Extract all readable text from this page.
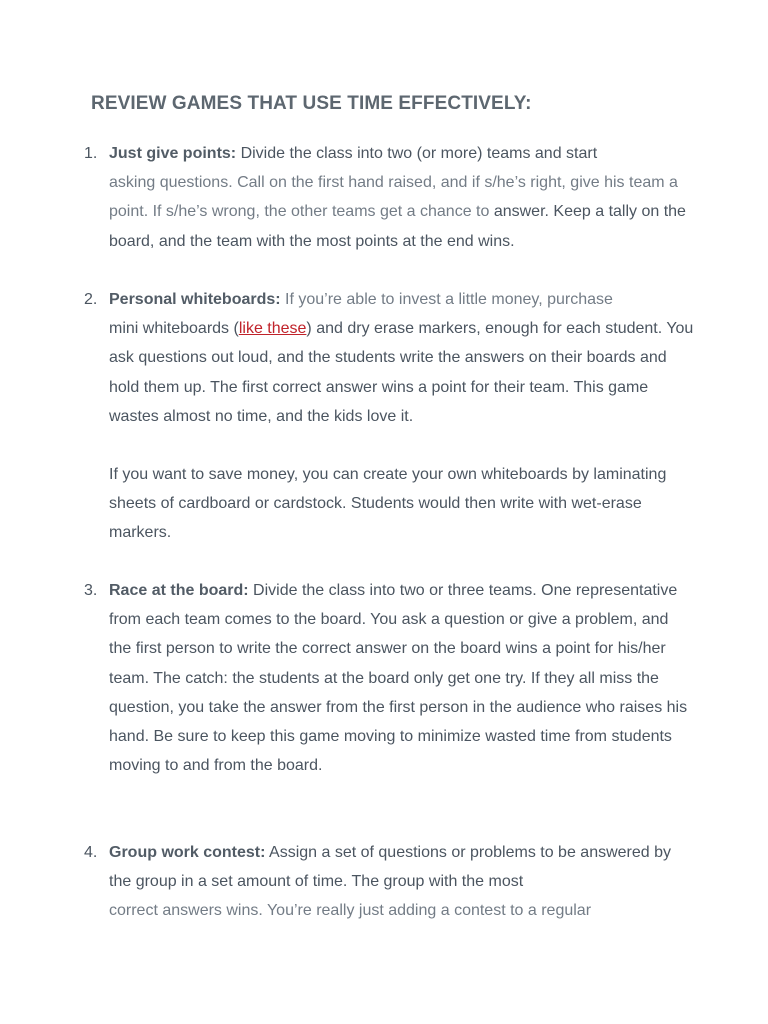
REVIEW GAMES THAT USE TIME EFFECTIVELY:
1. Just give points: Divide the class into two (or more) teams and start
asking questions. Call on the first hand raised, and if s/he’s right, give his team a point. If s/he’s wrong, the other teams get a chance to answer. Keep a tally on the board, and the team with the most points at the end wins.

2. Personal whiteboards: If you’re able to invest a little money, purchase
mini whiteboards (like these) and dry erase markers, enough for each student. You ask questions out loud, and the students write the answers on their boards and hold them up. The first correct answer wins a point for their team. This game wastes almost no time, and the kids love it.

If you want to save money, you can create your own whiteboards by laminating sheets of cardboard or cardstock. Students would then write with wet-erase markers.

3. Race at the board: Divide the class into two or three teams. One representative from each team comes to the board. You ask a question or give a problem, and the first person to write the correct answer on the board wins a point for his/her team. The catch: the students at the board only get one try. If they all miss the question, you take the answer from the first person in the audience who raises his hand. Be sure to keep this game moving to minimize wasted time from students moving to and from the board.

4. Group work contest: Assign a set of questions or problems to be answered by the group in a set amount of time. The group with the most
correct answers wins. You’re really just adding a contest to a regular
